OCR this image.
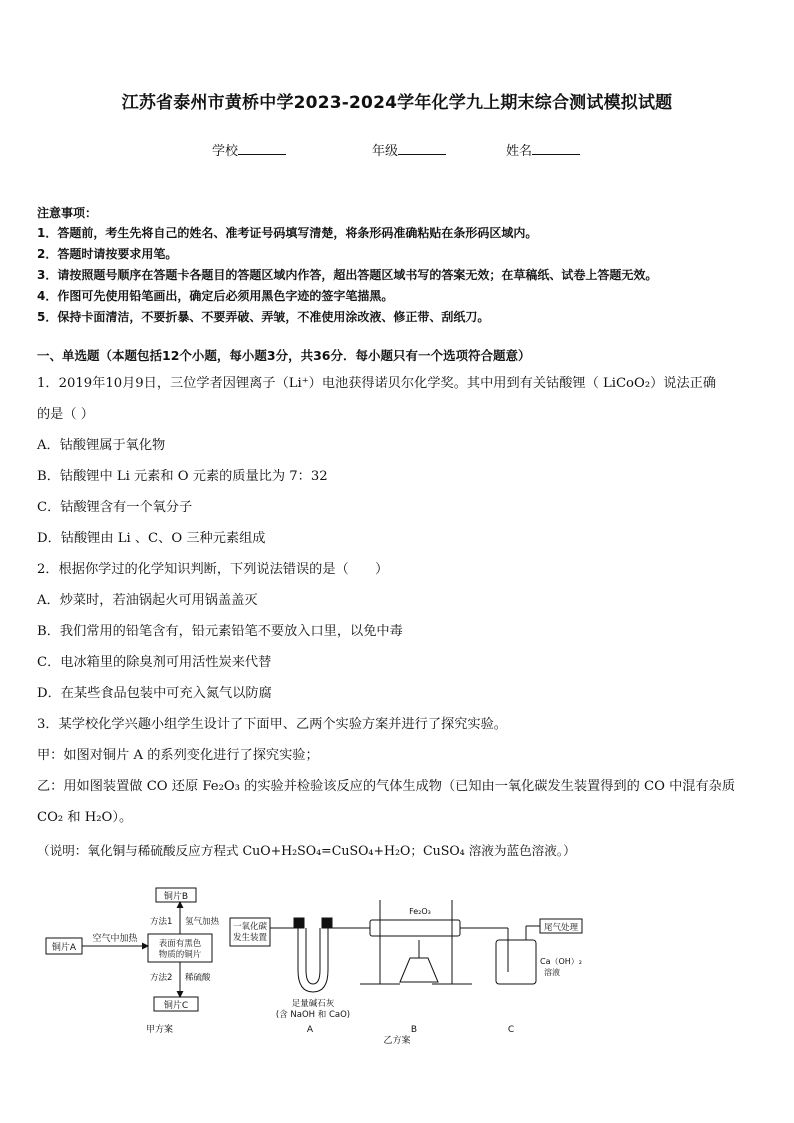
江苏省泰州市黄桥中学2023-2024学年化学九上期末综合测试模拟试题
学校	年级	姓名
注意事项：
1．答题前，考生先将自己的姓名、准考证号码填写清楚，将条形码准确粘贴在条形码区域内。
2．答题时请按要求用笔。
3．请按照题号顺序在答题卡各题目的答题区域内作答，超出答题区域书写的答案无效；在草稿纸、试卷上答题无效。
4．作图可先使用铅笔画出，确定后必须用黑色字迹的签字笔描黑。
5．保持卡面清洁，不要折暴、不要弄破、弄皱，不准使用涂改液、修正带、刮纸刀。
一、单选题（本题包括12个小题，每小题3分，共36分．每小题只有一个选项符合题意）
1．2019年10月9日，三位学者因锂离子（Li⁺）电池获得诺贝尔化学奖。其中用到有关钴酸锂（ LiCoO₂）说法正确
的是（ ）
A．钴酸锂属于氧化物
B．钴酸锂中 Li 元素和 O 元素的质量比为 7：32
C．钴酸锂含有一个氧分子
D．钴酸锂由 Li 、C、O 三种元素组成
2．根据你学过的化学知识判断，下列说法错误的是（　　）
A．炒菜时，若油锅起火可用锅盖盖灭
B．我们常用的铅笔含有，铅元素铅笔不要放入口里，以免中毒
C．电冰箱里的除臭剂可用活性炭来代替
D．在某些食品包装中可充入氮气以防腐
3．某学校化学兴趣小组学生设计了下面甲、乙两个实验方案并进行了探究实验。
甲：如图对铜片 A 的系列变化进行了探究实验；
乙：用如图装置做 CO 还原 Fe₂O₃ 的实验并检验该反应的气体生成物（已知由一氧化碳发生装置得到的 CO 中混有杂质 CO₂ 和 H₂O）。
（说明：氧化铜与稀硫酸反应方程式 CuO+H₂SO₄=CuSO₄+H₂O；CuSO₄ 溶液为蓝色溶液。）
铜片A
空气中加热 表面有黑色
物质的铜片
铜片B
方法1 氢气加热
方法2 稀硫酸
铜片C
甲方案
一氧化碳
发生装置
Fe₂O₃
足量碱石灰
(含 NaOH 和 CaO)
A	B	C
尾气处理
Ca（OH）₂
溶液
乙方案
